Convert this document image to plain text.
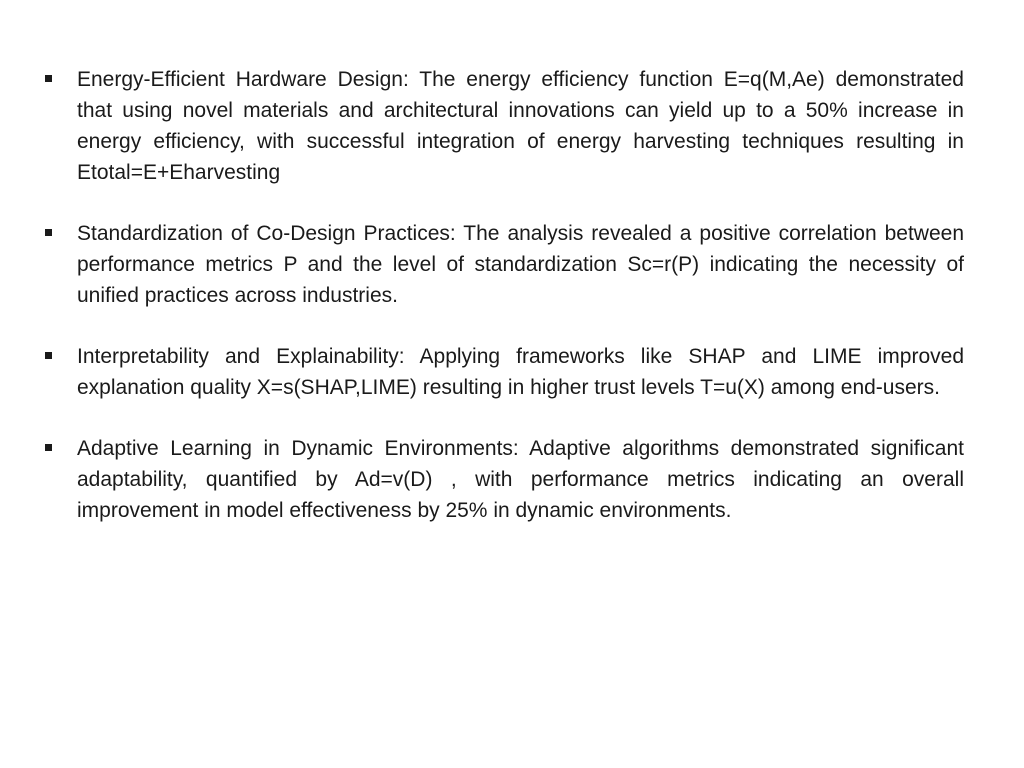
Energy-Efficient Hardware Design: The energy efficiency function E=q(M,Ae) demonstrated that using novel materials and architectural innovations can yield up to a 50% increase in energy efficiency, with successful integration of energy harvesting techniques resulting in Etotal=E+Eharvesting
Standardization of Co-Design Practices: The analysis revealed a positive correlation between performance metrics P and the level of standardization Sc=r(P) indicating the necessity of unified practices across industries.
Interpretability and Explainability: Applying frameworks like SHAP and LIME improved explanation quality X=s(SHAP,LIME) resulting in higher trust levels T=u(X) among end-users.
Adaptive Learning in Dynamic Environments: Adaptive algorithms demonstrated significant adaptability, quantified by Ad=v(D) , with performance metrics indicating an overall improvement in model effectiveness by 25% in dynamic environments.
